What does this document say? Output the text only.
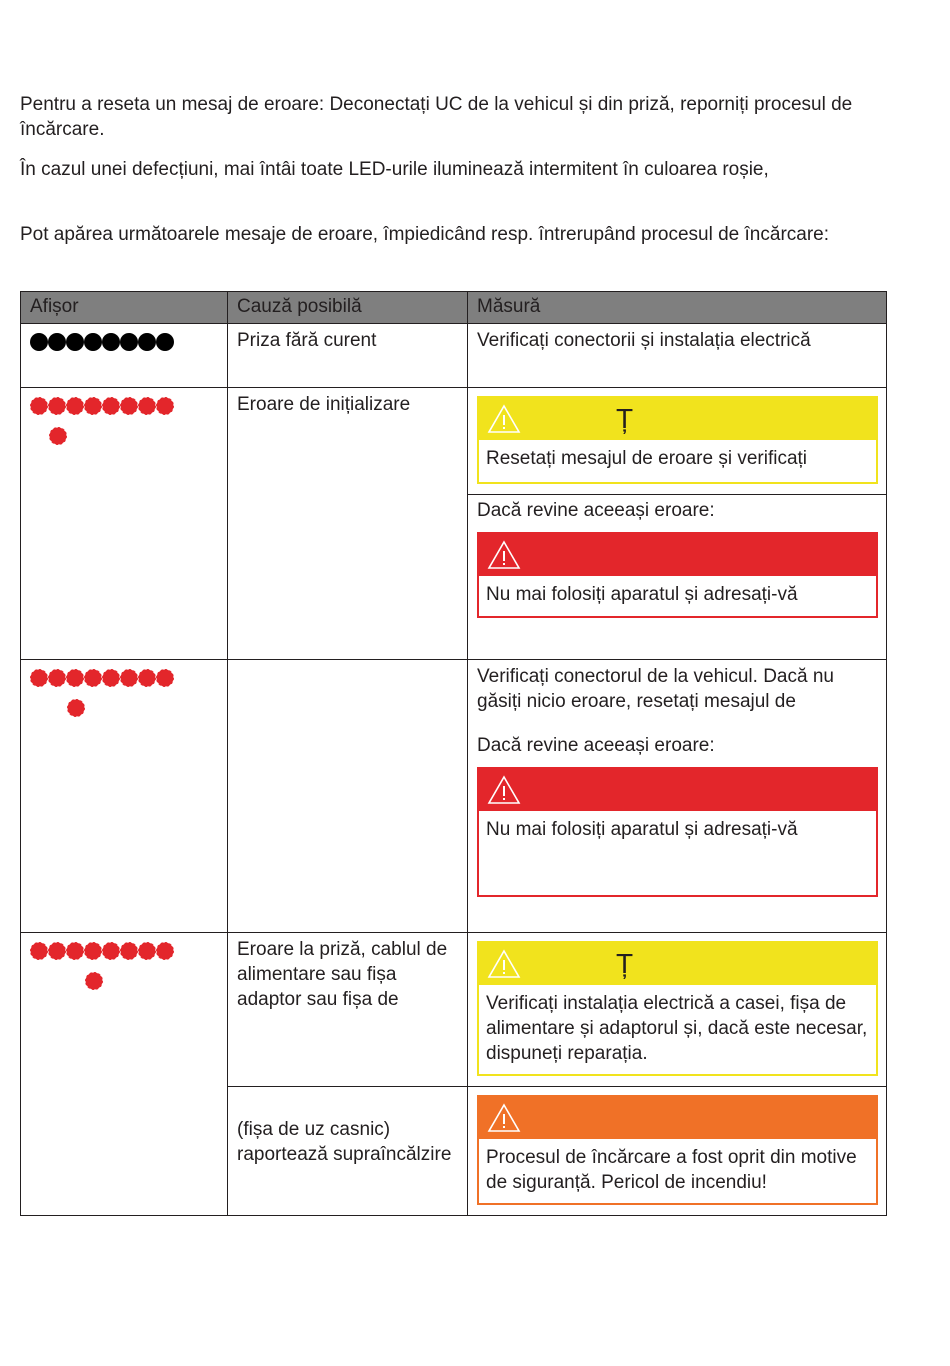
Pentru a reseta un mesaj de eroare: Deconectați UC de la vehicul și din priză, reporniți procesul de încărcare.

În cazul unei defecțiuni, mai întâi toate LED-urile iluminează intermitent în culoarea roșie,

Pot apărea următoarele mesaje de eroare, împiedicând resp. întrerupând procesul de încărcare:

Afișor	Cauză posibilă	Măsură

	Priza fără curent	Verificați conectorii și instalația electrică

	Eroare de inițializare	Ț
Resetați mesajul de eroare și verificați
Dacă revine aceeași eroare:
Nu mai folosiți aparatul și adresați-vă

		Verificați conectorul de la vehicul. Dacă nu găsiți nicio eroare, resetați mesajul de
Dacă revine aceeași eroare:
Nu mai folosiți aparatul și adresați-vă

	Eroare la priză, cablul de alimentare sau fișa adaptor sau fișa de	Ț
Verificați instalația electrică a casei, fișa de alimentare și adaptorul și, dacă este necesar, dispuneți reparația.

	(fișa de uz casnic) raportează supraîncălzire	Procesul de încărcare a fost oprit din motive de siguranță. Pericol de incendiu!
